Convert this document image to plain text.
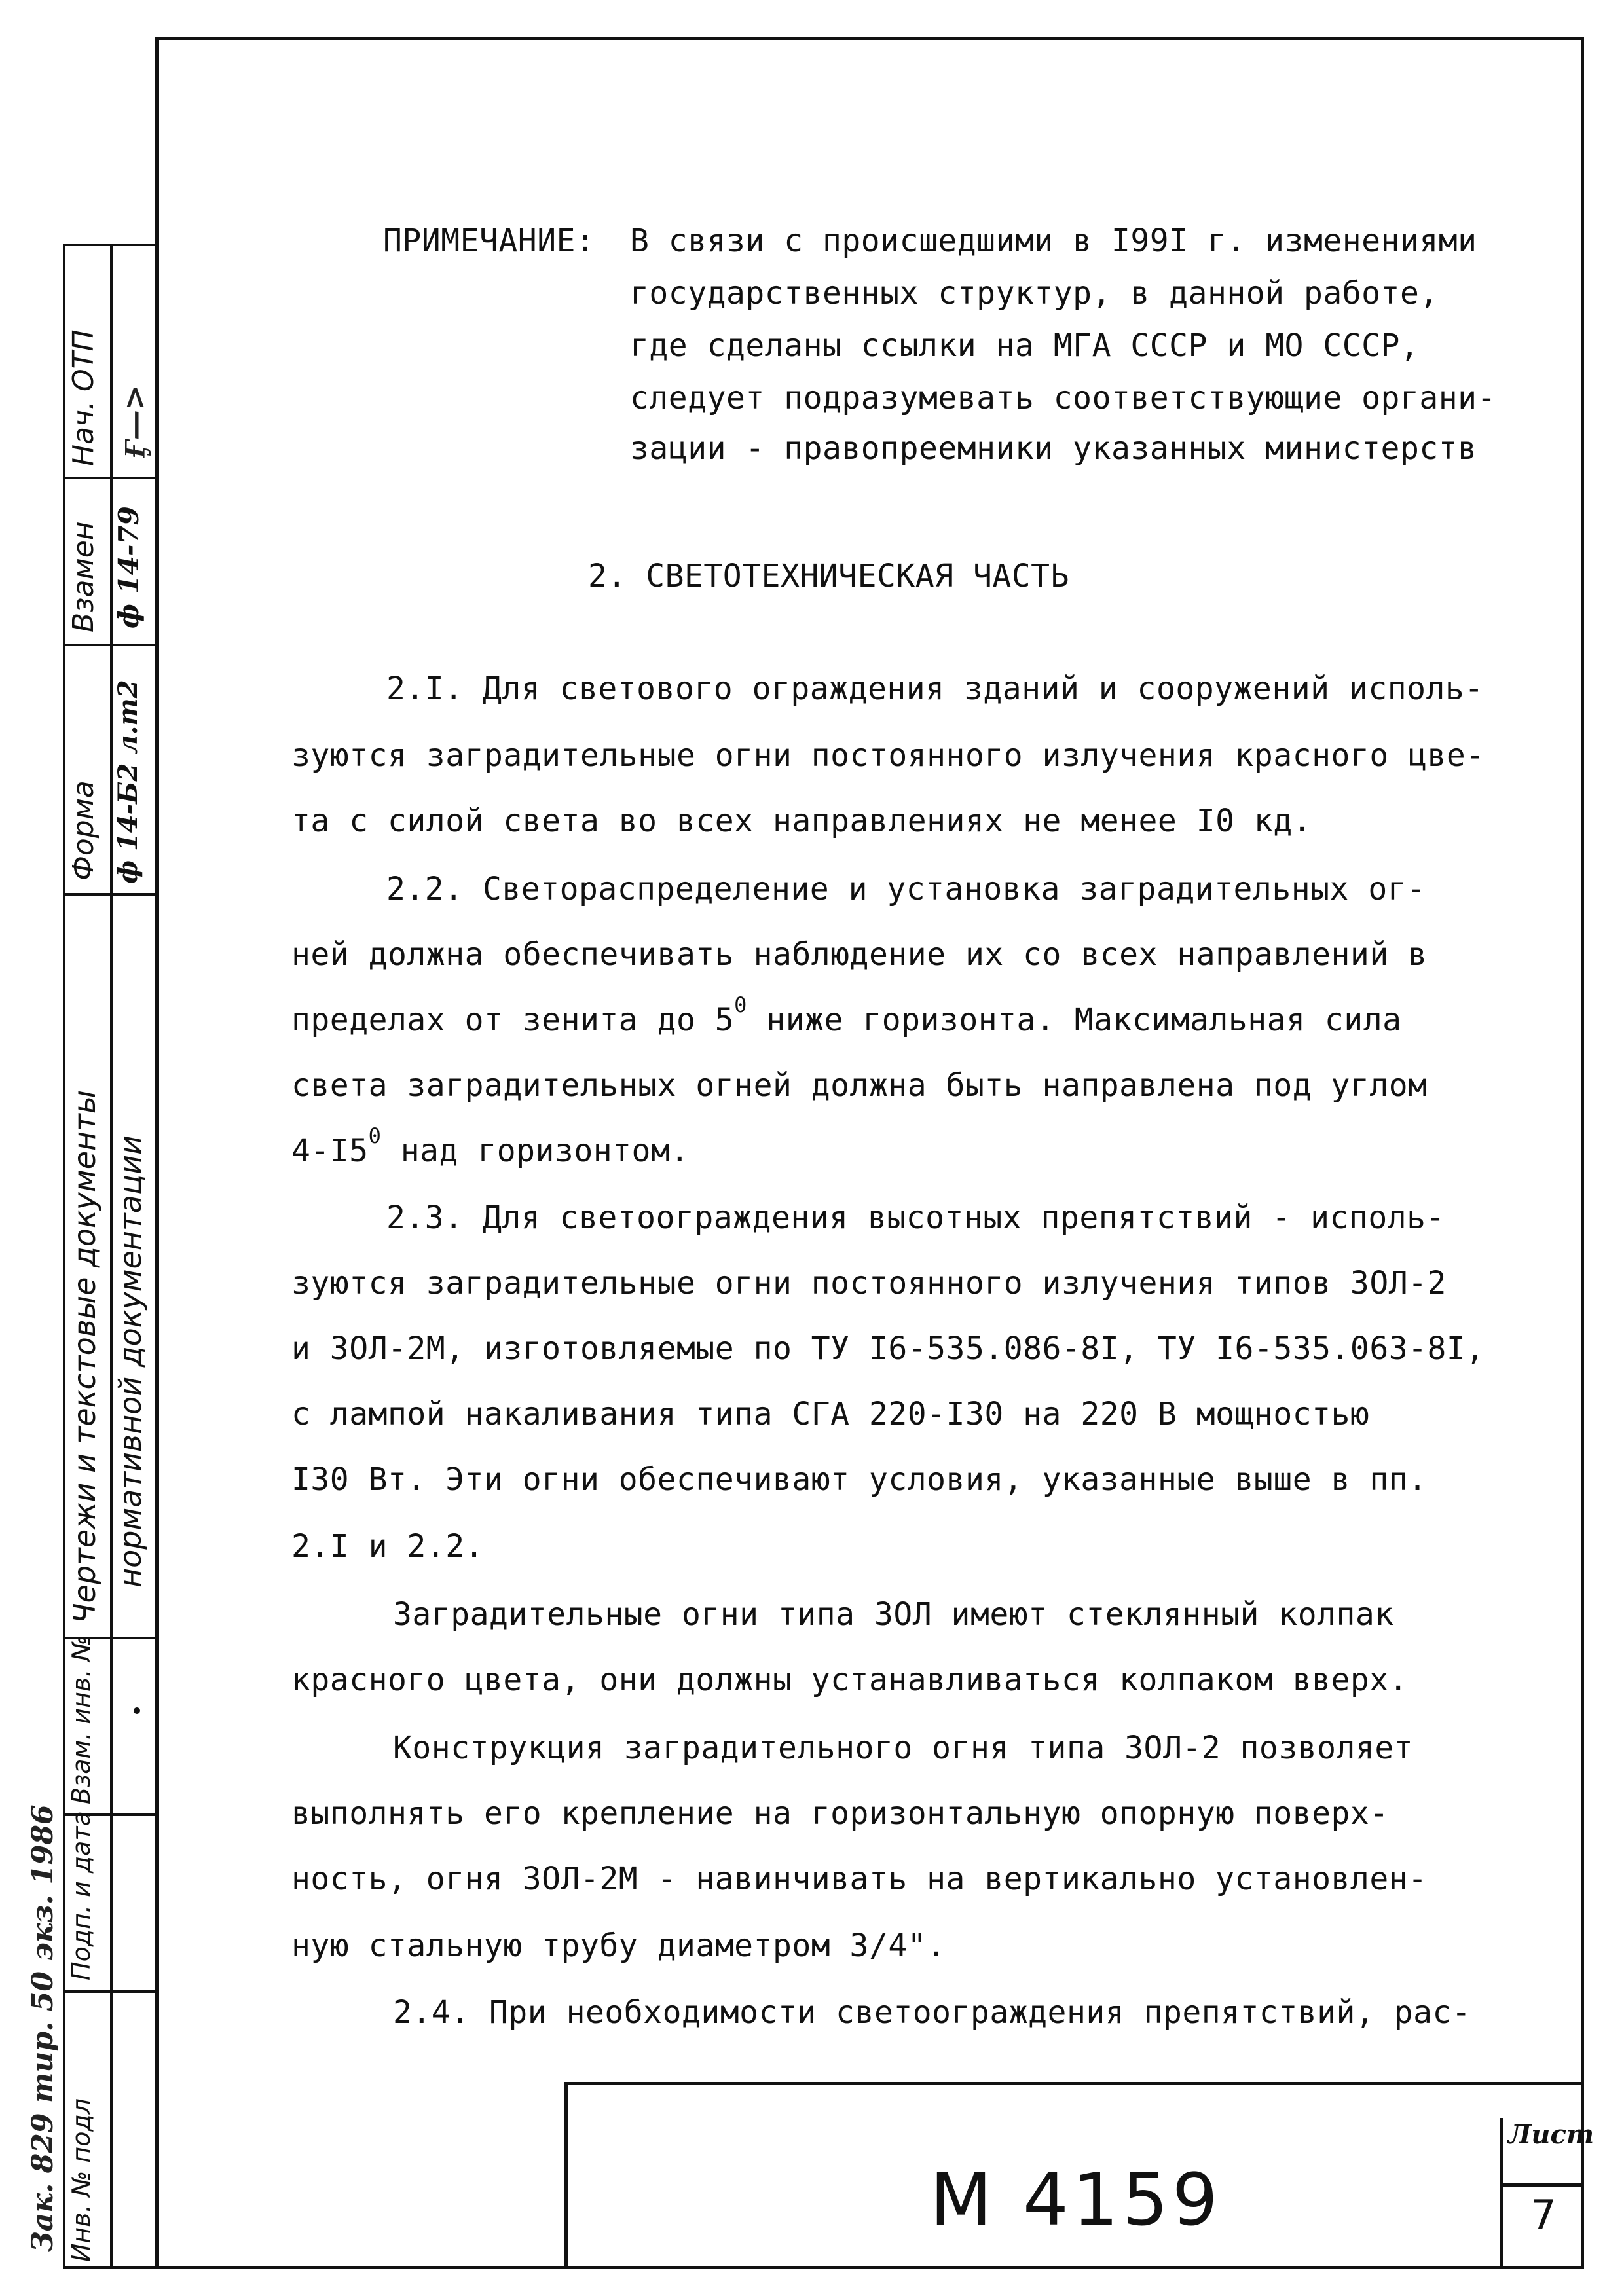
Нач. ОТП Ӻ—>
Взамен ф 14-79
Форма ф 14-Б2 л.т2
Чертежи и текстовые документы нормативной документации
Взам. инв. №
Подп. и дата
Инв. № подл
Зак. 829 тир. 50 экз. 1986
ПРИМЕЧАНИЕ: В связи с происшедшими в I99I г. изменениями
государственных структур, в данной работе,
где сделаны ссылки на МГА СССР и МО СССР,
следует подразумевать соответствующие органи-
зации - правопреемники указанных министерств
2. СВЕТОТЕХНИЧЕСКАЯ ЧАСТЬ
2.I. Для светового ограждения зданий и сооружений исполь-
зуются заградительные огни постоянного излучения красного цве-
та с силой света во всех направлениях не менее I0 кд.
2.2. Светораспределение и установка заградительных ог-
ней должна обеспечивать наблюдение их со всех направлений в
пределах от зенита до $5^0$ ниже горизонта. Максимальная сила
света заградительных огней должна быть направлена под углом
$4-I5^0$ над горизонтом.
2.3. Для светоограждения высотных препятствий - исполь-
зуются заградительные огни постоянного излучения типов ЗОЛ-2
и ЗОЛ-2М, изготовляемые по ТУ I6-535.086-8I, ТУ I6-535.063-8I,
с лампой накаливания типа СГА 220-I30 на 220 В мощностью
I30 Вт. Эти огни обеспечивают условия, указанные выше в пп.
2.I и 2.2.
Заградительные огни типа ЗОЛ имеют стеклянный колпак
красного цвета, они должны устанавливаться колпаком вверх.
Конструкция заградительного огня типа ЗОЛ-2 позволяет
выполнять его крепление на горизонтальную опорную поверх-
ность, огня ЗОЛ-2М - навинчивать на вертикально установлен-
ную стальную трубу диаметром 3/4".
2.4. При необходимости светоограждения препятствий, рас-
М 4159
Лист
7
